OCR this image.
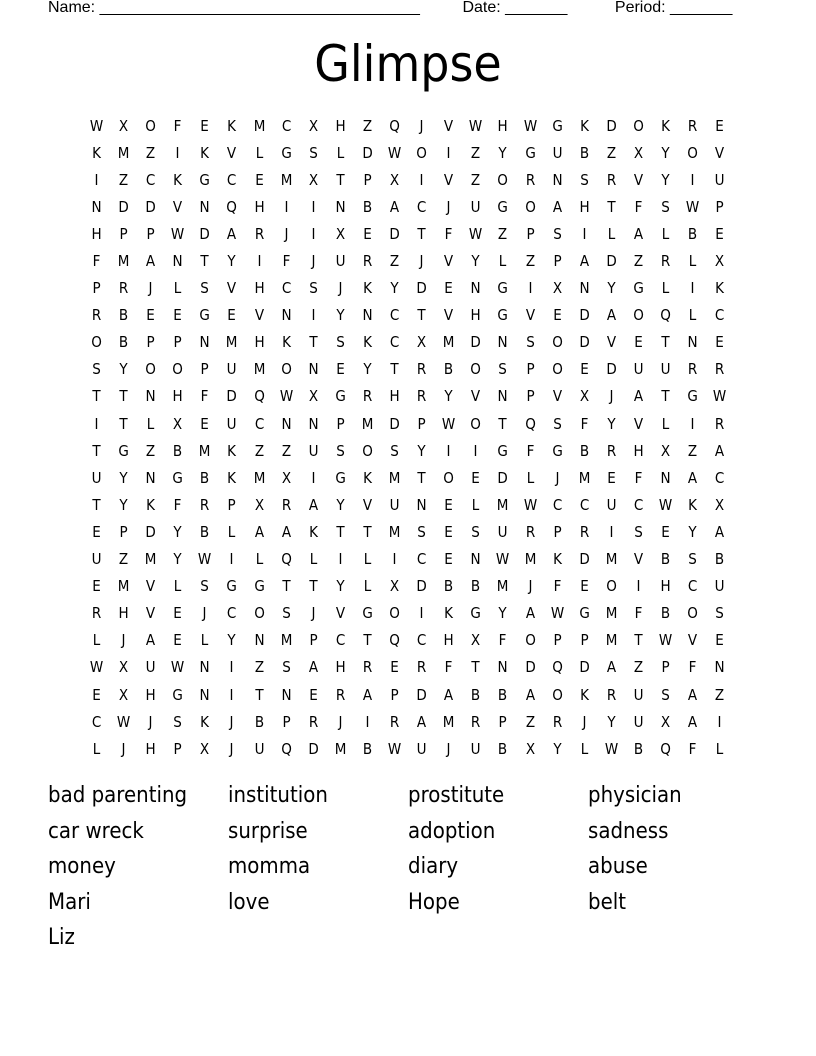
Name: ____________________________________	Date: _______	Period: _______
Glimpse
W	X	O	F	E	K	M	C	X	H	Z	Q	J	V	W	H	W	G	K	D	O	K	R	E
K	M	Z	I	K	V	L	G	S	L	D	W	O	I	Z	Y	G	U	B	Z	X	Y	O	V
I	Z	C	K	G	C	E	M	X	T	P	X	I	V	Z	O	R	N	S	R	V	Y	I	U
N	D	D	V	N	Q	H	I	I	N	B	A	C	J	U	G	O	A	H	T	F	S	W	P
H	P	P	W	D	A	R	J	I	X	E	D	T	F	W	Z	P	S	I	L	A	L	B	E
F	M	A	N	T	Y	I	F	J	U	R	Z	J	V	Y	L	Z	P	A	D	Z	R	L	X
P	R	J	L	S	V	H	C	S	J	K	Y	D	E	N	G	I	X	N	Y	G	L	I	K
R	B	E	E	G	E	V	N	I	Y	N	C	T	V	H	G	V	E	D	A	O	Q	L	C
O	B	P	P	N	M	H	K	T	S	K	C	X	M	D	N	S	O	D	V	E	T	N	E
S	Y	O	O	P	U	M	O	N	E	Y	T	R	B	O	S	P	O	E	D	U	U	R	R
T	T	N	H	F	D	Q	W	X	G	R	H	R	Y	V	N	P	V	X	J	A	T	G	W
I	T	L	X	E	U	C	N	N	P	M	D	P	W	O	T	Q	S	F	Y	V	L	I	R
T	G	Z	B	M	K	Z	Z	U	S	O	S	Y	I	I	G	F	G	B	R	H	X	Z	A
U	Y	N	G	B	K	M	X	I	G	K	M	T	O	E	D	L	J	M	E	F	N	A	C
T	Y	K	F	R	P	X	R	A	Y	V	U	N	E	L	M W	C	C	U	C	W	K	X
E	P	D	Y	B	L	A	A	K	T	T	M	S	E	S	U	R	P	R	I	S	E	Y	A
U	Z	M	Y	W	I	L	Q	L	I	L	I	C	E	N	W M	K	D	M	V	B	S	B
E	M	V	L	S	G	G	T	T	Y	L	X	D	B	B	M	J	F	E	O	I	H	C	U
R	H	V	E	J	C	O	S	J	V	G	O	I	K	G	Y	A	W	G	M	F	B	O	S
L	J	A	E	L	Y	N	M	P	C	T	Q	C	H	X	F	O	P	P	M	T	W	V	E
W	X	U	W	N	I	Z	S	A	H	R	E	R	F	T	N	D	Q	D	A	Z	P	F	N
E	X	H	G	N	I	T	N	E	R	A	P	D	A	B	B	A	O	K	R	U	S	A	Z
C	W	J	S	K	J	B	P	R	J	I	R	A	M	R	P	Z	R	J	Y	U	X	A	I
L	J	H	P	X	J	U	Q	D	M	B	W	U	J	U	B	X	Y	L	W	B	Q	F	L
bad parenting	institution	prostitute	physician
car wreck	surprise	adoption	sadness
money	momma	diary	abuse
Mari	love	Hope	belt
Liz
